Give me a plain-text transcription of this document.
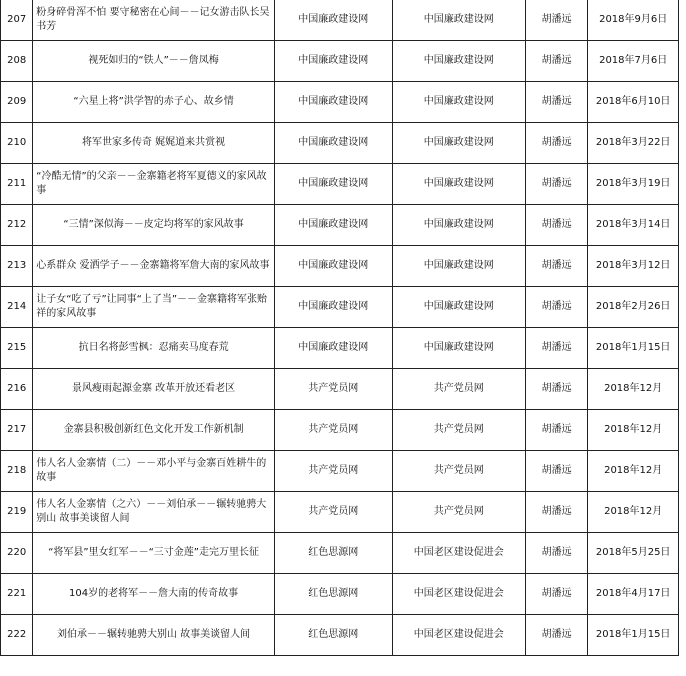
207	粉身碎骨浑不怕 要守秘密在心间－－记女游击队长吴书芳	中国廉政建设网	中国廉政建设网	胡潘远	2018年9月6日
208	视死如归的“铁人”－－詹凤梅	中国廉政建设网	中国廉政建设网	胡潘远	2018年7月6日
209	“六星上将”洪学智的赤子心、故乡情	中国廉政建设网	中国廉政建设网	胡潘远	2018年6月10日
210	将军世家多传奇 娓娓道来共赏视	中国廉政建设网	中国廉政建设网	胡潘远	2018年3月22日
211	“冷酷无情”的父亲－－金寨籍老将军夏德义的家风故事	中国廉政建设网	中国廉政建设网	胡潘远	2018年3月19日
212	“三情”深似海－－皮定均将军的家风故事	中国廉政建设网	中国廉政建设网	胡潘远	2018年3月14日
213	心系群众 爱洒学子－－金寨籍将军詹大南的家风故事	中国廉政建设网	中国廉政建设网	胡潘远	2018年3月12日
214	让子女“吃了亏”让同事“上了当”－－金寨籍将军张贻祥的家风故事	中国廉政建设网	中国廉政建设网	胡潘远	2018年2月26日
215	抗日名将彭雪枫：忍痛卖马度春荒	中国廉政建设网	中国廉政建设网	胡潘远	2018年1月15日
216	景风瘦雨起源金寨 改革开放还看老区	共产党员网	共产党员网	胡潘远	2018年12月
217	金寨县积极创新红色文化开发工作新机制	共产党员网	共产党员网	胡潘远	2018年12月
218	伟人名人金寨情（二）－－邓小平与金寨百姓耕牛的故事	共产党员网	共产党员网	胡潘远	2018年12月
219	伟人名人金寨情（之六）－－刘伯承－－辗转驰骋大别山 故事美谈留人间	共产党员网	共产党员网	胡潘远	2018年12月
220	“将军县”里女红军－－“三寸金莲”走完万里长征	红色思源网	中国老区建设促进会	胡潘远	2018年5月25日
221	104岁的老将军－－詹大南的传奇故事	红色思源网	中国老区建设促进会	胡潘远	2018年4月17日
222	刘伯承－－辗转驰骋大别山 故事美谈留人间	红色思源网	中国老区建设促进会	胡潘远	2018年1月15日
